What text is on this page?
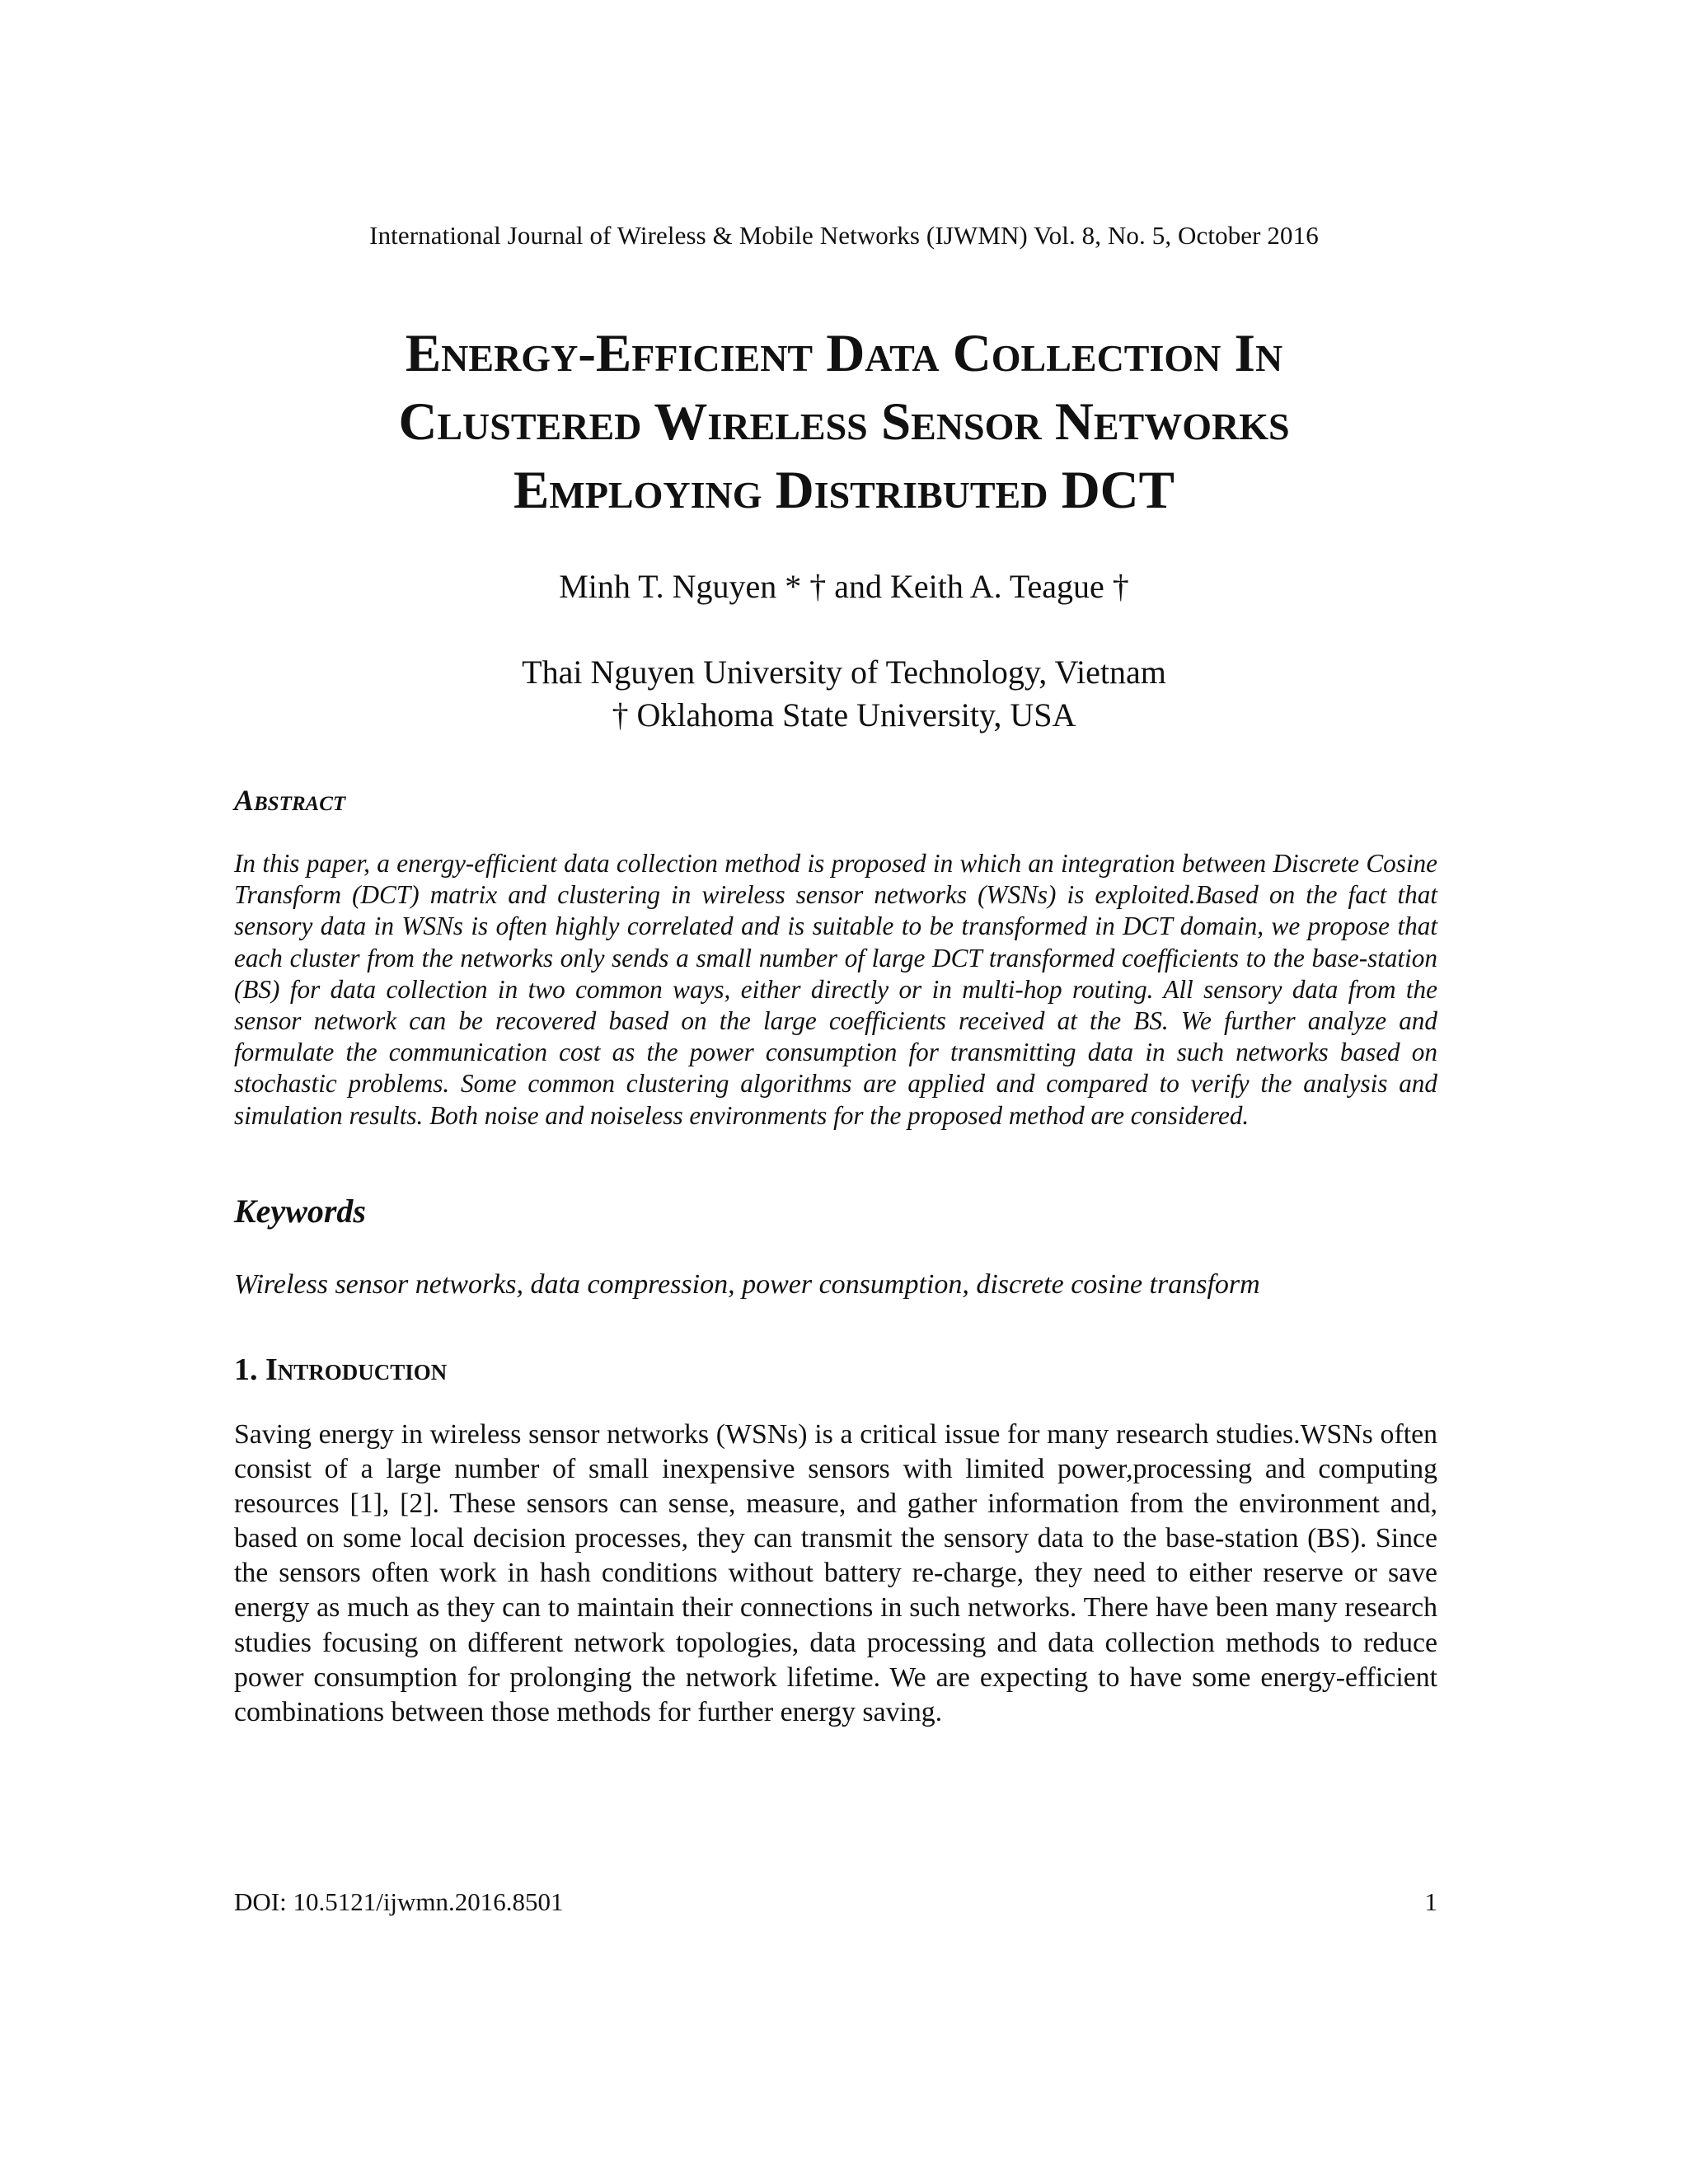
International Journal of Wireless & Mobile Networks (IJWMN) Vol. 8, No. 5, October 2016
Energy-Efficient Data Collection In
Clustered Wireless Sensor Networks
Employing Distributed DCT
Minh T. Nguyen * † and Keith A. Teague †
Thai Nguyen University of Technology, Vietnam
† Oklahoma State University, USA
Abstract
In this paper, a energy-efficient data collection method is proposed in which an integration between Discrete Cosine Transform (DCT) matrix and clustering in wireless sensor networks (WSNs) is exploited.Based on the fact that sensory data in WSNs is often highly correlated and is suitable to be transformed in DCT domain, we propose that each cluster from the networks only sends a small number of large DCT transformed coefficients to the base-station (BS) for data collection in two common ways, either directly or in multi-hop routing. All sensory data from the sensor network can be recovered based on the large coefficients received at the BS. We further analyze and formulate the communication cost as the power consumption for transmitting data in such networks based on stochastic problems. Some common clustering algorithms are applied and compared to verify the analysis and simulation results. Both noise and noiseless environments for the proposed method are considered.
Keywords
Wireless sensor networks, data compression, power consumption, discrete cosine transform
1. Introduction
Saving energy in wireless sensor networks (WSNs) is a critical issue for many research studies.WSNs often consist of a large number of small inexpensive sensors with limited power,processing and computing resources [1], [2]. These sensors can sense, measure, and gather information from the environment and, based on some local decision processes, they can transmit the sensory data to the base-station (BS). Since the sensors often work in hash conditions without battery re-charge, they need to either reserve or save energy as much as they can to maintain their connections in such networks. There have been many research studies focusing on different network topologies, data processing and data collection methods to reduce power consumption for prolonging the network lifetime. We are expecting to have some energy-efficient combinations between those methods for further energy saving.
DOI: 10.5121/ijwmn.2016.8501	1
